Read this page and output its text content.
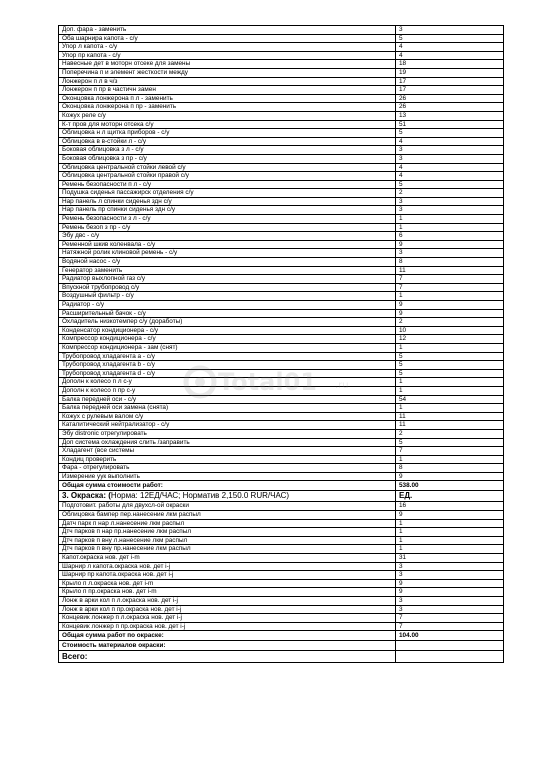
Доп. фара - заменить	3
Оба шарнира капота - с/у	5
Упор л капота - с/у	4
Упор пр капота - с/у	4
Навесные дет в моторн отсеке для замены	18
Поперечина п и элемент жесткости между	19
Лонжерон п л в ч/з	17
Лонжерон п пр в частичн замен	17
Оконцовка лонжерона п л - заменить	26
Оконцовка лонжерона п пр - заменить	26
Кожух реле с/у	13
К-т пров для моторн отсека с/у	51
Облицовка н л щитка приборов - с/у	5
Облицовка в в-стойки л - с/у	4
Боковая облицовка з л - с/у	3
Боковая облицовка з пр - с/у	3
Облицовка центральной стойки левой с/у	4
Облицовка центральной стойки правой с/у	4
Ремень безопасности п л - с/у	5
Подушка сиденья пассажирск отделения с/у	2
Нар панель л спинки сиденья здн с/у	3
Нар панель пр спинки сиденья здн с/у	3
Ремень безопасности з л - с/у	1
Ремень безоп з пр - с/у	1
Эбу двс - с/у	6
Ременной шкив коленвала - с/у	9
Натяжной ролик клиновой ремень - с/у	3
Водяной насос - с/у	8
Генератор заменить	11
Радиатор выхлопной газ с/у	7
Впускной трубопровод с/у	7
Воздушный фильтр - с/у	1
Радиатор - с/у	9
Расширительный бачок - с/у	9
Охладитель низкотемпер с/у (доработы)	2
Конденсатор кондиционера - с/у	10
Компрессор кондиционера - с/у	12
Компрессор кондиционера - зам (снят)	1
Трубопровод хладагента а - с/у	5
Трубопровод хладагента b - с/у	5
Трубопровод хладагента d - с/у	5
Дополн к колесо п л с-у	1
Дополн к колесо п пр с-у	1
Балка передней оси - с/у	54
Балка передней оси замена (снята)	1
Кожух с рулевым валом с/у	11
Каталитический нейтрализатор - с/у	11
Эбу distronic отрегулировать	2
Доп система охлаждения слить /заправить	5
Хладагент (все системы	7
Кондиц проверить	1
Фара - отрегулировать	8
Измерение уук выполнить	9
Общая сумма стоимости работ:	538.00
3. Окраска: (Норма: 12ЕД/ЧАС; Норматив 2,150.0 RUR/ЧАС)	ЕД.
Подготовит. работы для двухсл-ой окраски	16
Облицовка бампер пер.нанесение лкм распыл	9
Датч парк п нар л.нанесение лкм распыл	1
Дтч парков п нар пр.нанесение лкм распыл	1
Дтч парков п вну л.нанесение лкм распыл	1
Дтч парков п вну пр.нанесение лкм распыл	1
Капот.окраска нов. дет i-m	31
Шарнир л капота.окраска нов. дет i-j	3
Шарнир пр капота.окраска нов. дет i-j	3
Крыло п л.окраска нов. дет i-m	9
Крыло п пр.окраска нов. дет i-m	9
Лонж в арки кол п л.окраска нов. дет i-j	3
Лонж в арки кол п пр.окраска нов. дет i-j	3
Концевик лонжер п л.окраска нов. дет i-j	7
Концевик лонжер п пр.окраска нов. дет i-j	7
Общая сумма работ по окраске:	104.00
Стоимость материалов окраски:	
Всего:	
Total01 .ru
